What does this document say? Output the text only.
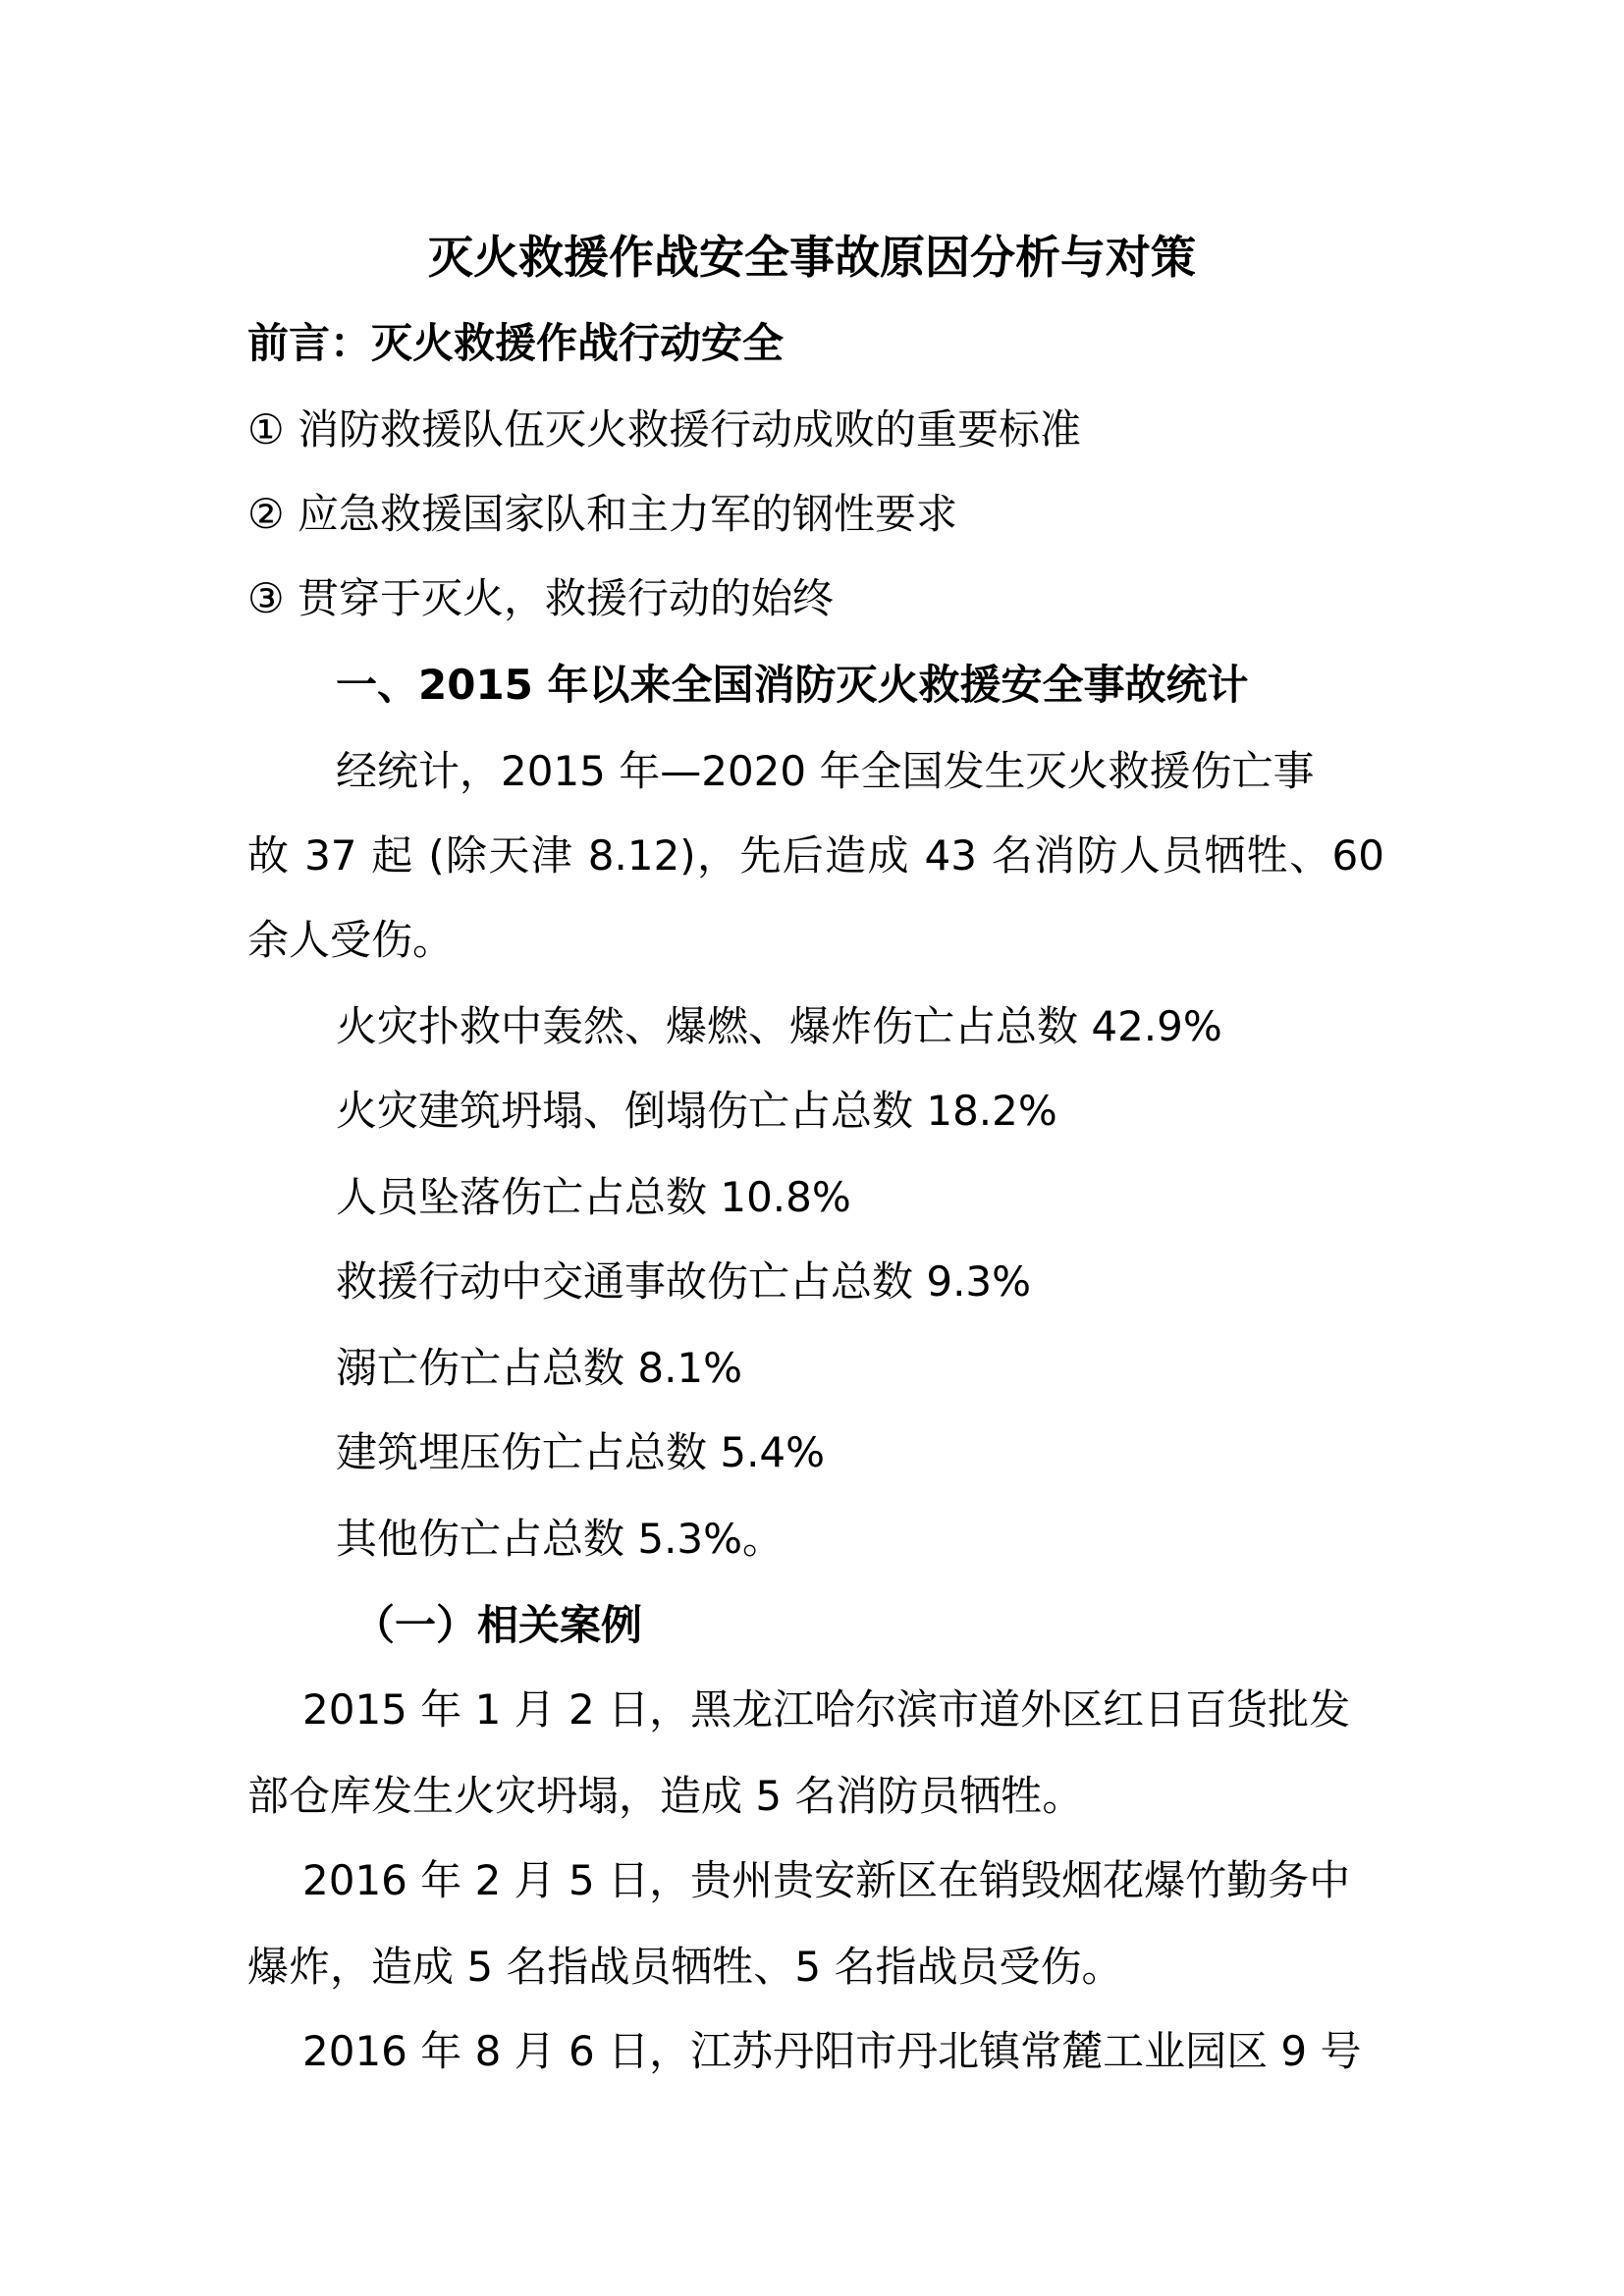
灭火救援作战安全事故原因分析与对策
前言：灭火救援作战行动安全
① 消防救援队伍灭火救援行动成败的重要标准
② 应急救援国家队和主力军的钢性要求
③ 贯穿于灭火，救援行动的始终
一、2015 年以来全国消防灭火救援安全事故统计
经统计，2015 年—2020 年全国发生灭火救援伤亡事
故 37 起 (除天津 8.12)，先后造成 43 名消防人员牺牲、60
余人受伤。
火灾扑救中轰然、爆燃、爆炸伤亡占总数 42.9%
火灾建筑坍塌、倒塌伤亡占总数 18.2%
人员坠落伤亡占总数 10.8%
救援行动中交通事故伤亡占总数 9.3%
溺亡伤亡占总数 8.1%
建筑埋压伤亡占总数 5.4%
其他伤亡占总数 5.3%。
（一）相关案例
2015 年 1 月 2 日，黑龙江哈尔滨市道外区红日百货批发
部仓库发生火灾坍塌，造成 5 名消防员牺牲。
2016 年 2 月 5 日，贵州贵安新区在销毁烟花爆竹勤务中
爆炸，造成 5 名指战员牺牲、5 名指战员受伤。
2016 年 8 月 6 日，江苏丹阳市丹北镇常麓工业园区 9 号
